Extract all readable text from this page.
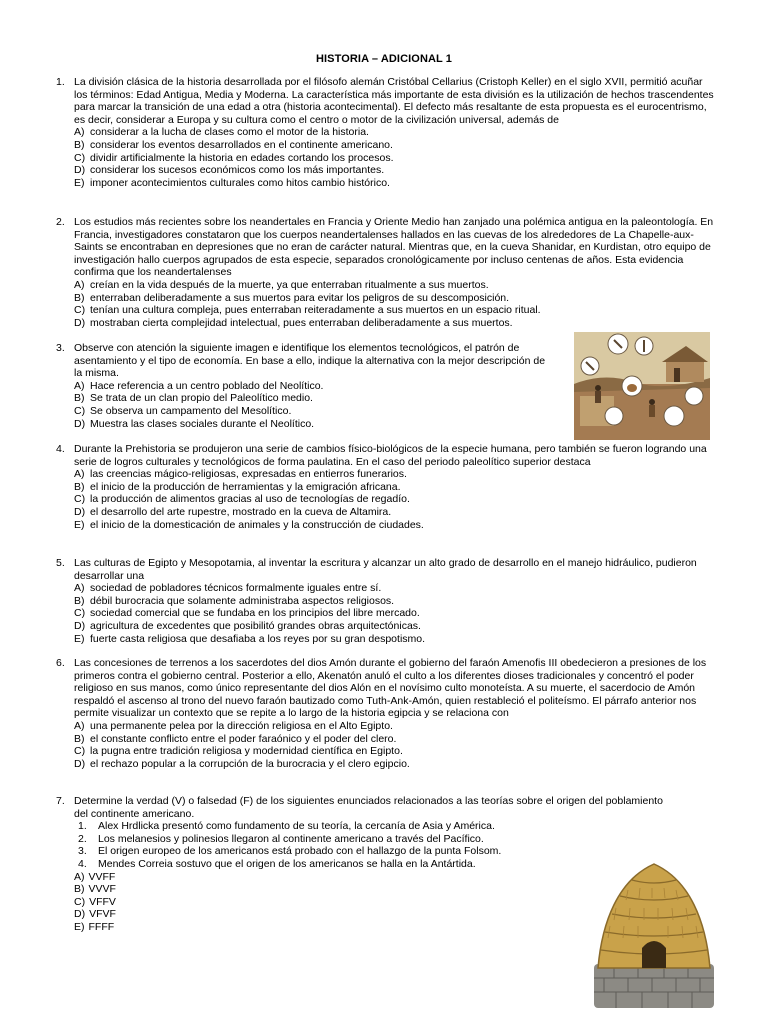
HISTORIA – ADICIONAL 1
1. La división clásica de la historia desarrollada por el filósofo alemán Cristóbal Cellarius (Cristoph Keller) en el siglo XVII, permitió acuñar los términos: Edad Antigua, Media y Moderna. La característica más importante de esta división es la utilización de hechos trascendentes para marcar la transición de una edad a otra (historia acontecimental). El defecto más resaltante de esta propuesta es el eurocentrismo, es decir, considerar a Europa y su cultura como el centro o motor de la civilización universal, además de
A) considerar a la lucha de clases como el motor de la historia.
B) considerar los eventos desarrollados en el continente americano.
C) dividir artificialmente la historia en edades cortando los procesos.
D) considerar los sucesos económicos como los más importantes.
E) imponer acontecimientos culturales como hitos cambio histórico.
2. Los estudios más recientes sobre los neandertales en Francia y Oriente Medio han zanjado una polémica antigua en la paleontología. En Francia, investigadores constataron que los cuerpos neandertalenses hallados en las cuevas de los alrededores de La Chapelle-aux-Saints se encontraban en depresiones que no eran de carácter natural. Mientras que, en la cueva Shanidar, en Kurdistan, otro equipo de investigación hallo cuerpos agrupados de esta especie, separados cronológicamente por incluso centenas de años. Esta evidencia confirma que los neandertalenses
A) creían en la vida después de la muerte, ya que enterraban ritualmente a sus muertos.
B) enterraban deliberadamente a sus muertos para evitar los peligros de su descomposición.
C) tenían una cultura compleja, pues enterraban reiteradamente a sus muertos en un espacio ritual.
D) mostraban cierta complejidad intelectual, pues enterraban deliberadamente a sus muertos.
3. Observe con atención la siguiente imagen e identifique los elementos tecnológicos, el patrón de asentamiento y el tipo de economía. En base a ello, indique la alternativa con la mejor descripción de la misma.
A) Hace referencia a un centro poblado del Neolítico.
B) Se trata de un clan propio del Paleolítico medio.
C) Se observa un campamento del Mesolítico.
D) Muestra las clases sociales durante el Neolítico.
4. Durante la Prehistoria se produjeron una serie de cambios físico-biológicos de la especie humana, pero también se fueron logrando una serie de logros culturales y tecnológicos de forma paulatina. En el caso del periodo paleolítico superior destaca
A) las creencias mágico-religiosas, expresadas en entierros funerarios.
B) el inicio de la producción de herramientas y la emigración africana.
C) la producción de alimentos gracias al uso de tecnologías de regadío.
D) el desarrollo del arte rupestre, mostrado en la cueva de Altamira.
E) el inicio de la domesticación de animales y la construcción de ciudades.
5. Las culturas de Egipto y Mesopotamia, al inventar la escritura y alcanzar un alto grado de desarrollo en el manejo hidráulico, pudieron desarrollar una
A) sociedad de pobladores técnicos formalmente iguales entre sí.
B) débil burocracia que solamente administraba aspectos religiosos.
C) sociedad comercial que se fundaba en los principios del libre mercado.
D) agricultura de excedentes que posibilitó grandes obras arquitectónicas.
E) fuerte casta religiosa que desafiaba a los reyes por su gran despotismo.
6. Las concesiones de terrenos a los sacerdotes del dios Amón durante el gobierno del faraón Amenofis III obedecieron a presiones de los primeros contra el gobierno central. Posterior a ello, Akenatón anuló el culto a los diferentes dioses tradicionales y concentró el poder religioso en sus manos, como único representante del dios Alón en el novísimo culto monoteísta. A su muerte, el sacerdocio de Amón respaldó el ascenso al trono del nuevo faraón bautizado como Tuth-Ank-Amón, quien restableció el politeísmo. El párrafo anterior nos permite visualizar un contexto que se repite a lo largo de la historia egipcia y se relaciona con
A) una permanente pelea por la dirección religiosa en el Alto Egipto.
B) el constante conflicto entre el poder faraónico y el poder del clero.
C) la pugna entre tradición religiosa y modernidad científica en Egipto.
D) el rechazo popular a la corrupción de la burocracia y el clero egipcio.
7. Determine la verdad (V) o falsedad (F) de los siguientes enunciados relacionados a las teorías sobre el origen del poblamiento del continente americano.
1.	Alex Hrdlicka presentó como fundamento de su teoría, la cercanía de Asia y América.
2.	Los melanesios y polinesios llegaron al continente americano a través del Pacífico.
3.	El origen europeo de los americanos está probado con el hallazgo de la punta Folsom.
4.	Mendes Correia sostuvo que el origen de los americanos se halla en la Antártida.
A) VVFF
B) VVVF
C) VFFV
D) VFVF
E) FFFF
